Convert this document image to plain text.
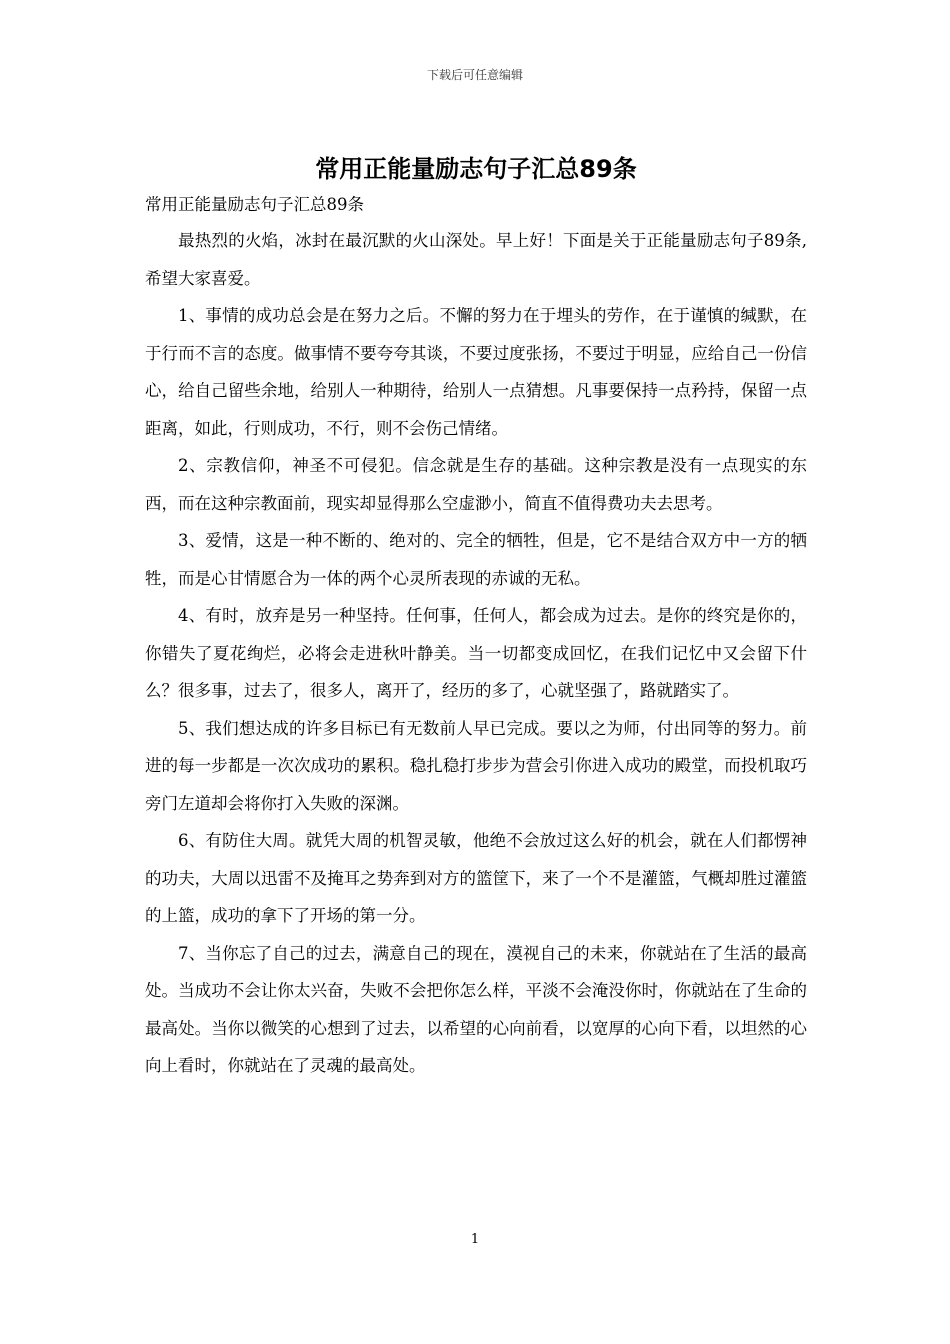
下载后可任意编辑
常用正能量励志句子汇总89条
常用正能量励志句子汇总89条

最热烈的火焰，冰封在最沉默的火山深处。早上好！下面是关于正能量励志句子89条,希望大家喜爱。

1、事情的成功总会是在努力之后。不懈的努力在于埋头的劳作，在于谨慎的缄默，在于行而不言的态度。做事情不要夸夸其谈，不要过度张扬，不要过于明显，应给自己一份信心，给自己留些余地，给别人一种期待，给别人一点猜想。凡事要保持一点矜持，保留一点距离，如此，行则成功，不行，则不会伤己情绪。

2、宗教信仰，神圣不可侵犯。信念就是生存的基础。这种宗教是没有一点现实的东西，而在这种宗教面前，现实却显得那么空虚渺小，简直不值得费功夫去思考。

3、爱情，这是一种不断的、绝对的、完全的牺牲，但是，它不是结合双方中一方的牺牲，而是心甘情愿合为一体的两个心灵所表现的赤诚的无私。

4、有时，放弃是另一种坚持。任何事，任何人，都会成为过去。是你的终究是你的，你错失了夏花绚烂，必将会走进秋叶静美。当一切都变成回忆，在我们记忆中又会留下什么？很多事，过去了，很多人，离开了，经历的多了，心就坚强了，路就踏实了。

5、我们想达成的许多目标已有无数前人早已完成。要以之为师，付出同等的努力。前进的每一步都是一次次成功的累积。稳扎稳打步步为营会引你进入成功的殿堂，而投机取巧旁门左道却会将你打入失败的深渊。

6、有防住大周。就凭大周的机智灵敏，他绝不会放过这么好的机会，就在人们都愣神的功夫，大周以迅雷不及掩耳之势奔到对方的篮筐下，来了一个不是灌篮，气概却胜过灌篮的上篮，成功的拿下了开场的第一分。

7、当你忘了自己的过去，满意自己的现在，漠视自己的未来，你就站在了生活的最高处。当成功不会让你太兴奋，失败不会把你怎么样，平淡不会淹没你时，你就站在了生命的最高处。当你以微笑的心想到了过去，以希望的心向前看，以宽厚的心向下看，以坦然的心向上看时，你就站在了灵魂的最高处。

1
